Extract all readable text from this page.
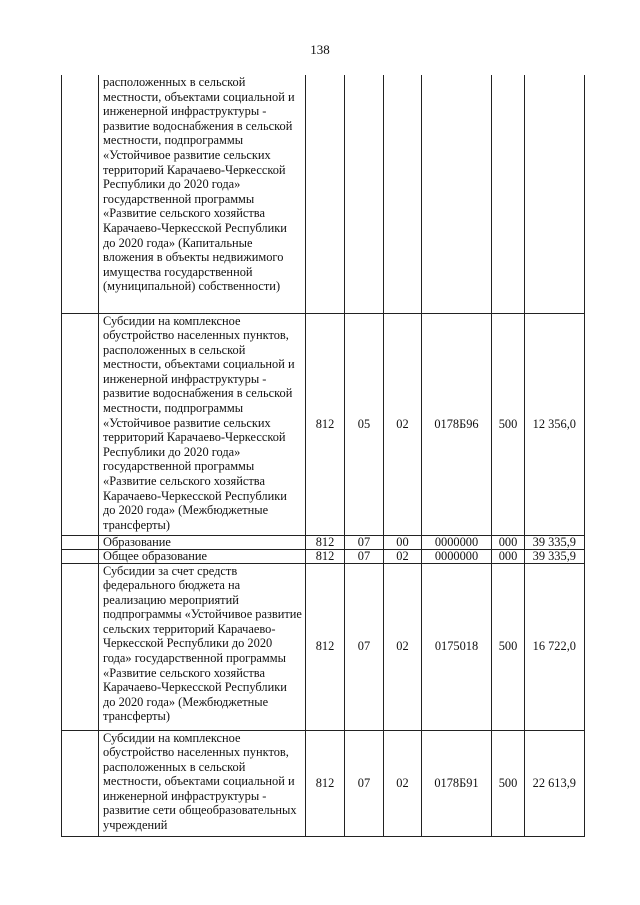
138
	расположенных в сельской местности, объектами социальной и инженерной инфраструктуры - развитие водоснабжения в сельской местности, подпрограммы «Устойчивое развитие сельских территорий Карачаево-Черкесской Республики до 2020 года» государственной программы «Развитие сельского хозяйства Карачаево-Черкесской Республики до 2020 года» (Капитальные вложения в объекты недвижимого имущества государственной (муниципальной) собственности)						
	Субсидии на комплексное обустройство населенных пунктов, расположенных в сельской местности, объектами социальной и инженерной инфраструктуры - развитие водоснабжения в сельской местности, подпрограммы «Устойчивое развитие сельских территорий Карачаево-Черкесской Республики до 2020 года» государственной программы «Развитие сельского хозяйства Карачаево-Черкесской Республики до 2020 года» (Межбюджетные трансферты)	812	05	02	0178Б96	500	12 356,0
	Образование	812	07	00	0000000	000	39 335,9
	Общее образование	812	07	02	0000000	000	39 335,9
	Субсидии за счет средств федерального бюджета на реализацию мероприятий подпрограммы «Устойчивое развитие сельских территорий Карачаево-Черкесской Республики до 2020 года» государственной программы «Развитие сельского хозяйства Карачаево-Черкесской Республики до 2020 года» (Межбюджетные трансферты)	812	07	02	0175018	500	16 722,0
	Субсидии на комплексное обустройство населенных пунктов, расположенных в сельской местности, объектами социальной и инженерной инфраструктуры - развитие сети общеобразовательных учреждений	812	07	02	0178Б91	500	22 613,9
